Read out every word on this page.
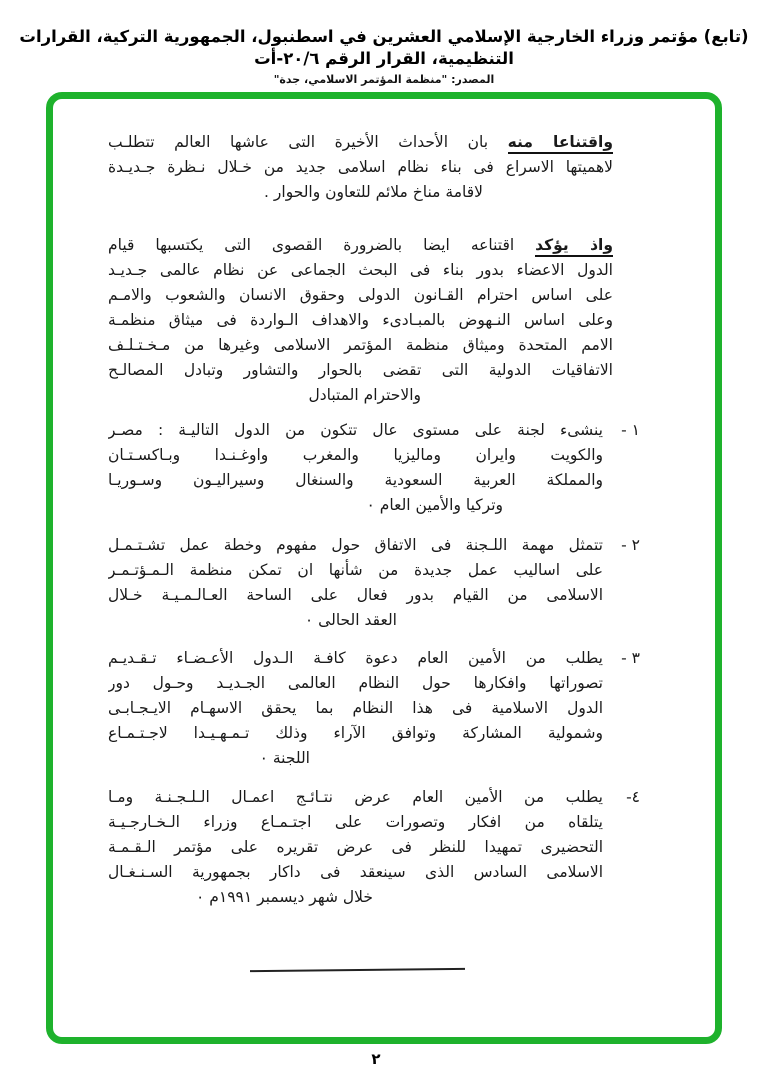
(تابع) مؤتمر وزراء الخارجية الإسلامي العشرين في اسطنبول، الجمهورية التركية، القرارات التنظيمية، القرار الرقم ٢٠/٦-أت
المصدر: "منظمة المؤتمر الاسلامي، جدة"
واقتناعا منه بان الأحداث الأخيرة التى عاشها العالم تتطلـب
لاهميتها الاسراع فى بناء نظام اسلامى جديد من خـلال نـظرة جـديـدة
لاقامة مناخ ملائم للتعاون والحوار .
واذ يؤكد اقتناعه ايضا بالضرورة القصوى التى يكتسبها قيام
الدول الاعضاء بدور بناء فى البحث الجماعى عن نظام عالمى جـديـد
على اساس احترام القـانون الدولى وحقوق الانسان والشعوب والامـم
وعلى اساس النـهوض بالمبـادىء والاهداف الـواردة فى ميثاق منظمـة
الامم المتحدة وميثاق منظمة المؤتمر الاسلامى وغيرها من مـخـتـلـف
الاتفاقيات الدولية التى تقضى بالحوار والتشاور وتبادل المصالـح
والاحترام المتبادل
١ -
ينشىء لجنة على مستوى عال تتكون من الدول التاليـة : مصـر
والكويت وايران وماليزيا والمغرب واوغـنـدا وبـاكسـتـان
والمملكة العربية السعودية والسنغال وسيراليـون وسـوريـا
وتركيا والأمين العام ٠
٢ -
تتمثل مهمة اللـجنة فى الاتفاق حول مفهوم وخطة عمل تشـتـمـل
على اساليب عمل جديدة من شأنها ان تمكن منظمة الـمـؤتـمـر
الاسلامى من القيام بدور فعال على الساحة العـالـمـيـة خـلال
العقد الحالى ٠
٣ -
يطلب من الأمين العام دعوة كافـة الـدول الأعـضـاء تـقـديـم
تصوراتها وافكارها حول النظام العالمى الجـديـد وحـول دور
الدول الاسلامية فى هذا النظام بما يحقق الاسهـام الايـجـابـى
وشمولية المشاركة وتوافق الآراء وذلك تـمـهـيـدا لاجـتـمـاع
اللجنة ٠
٤-
يطلب من الأمين العام عرض نتـائـج اعمـال الـلـجـنـة ومـا
يتلقاه من افكار وتصورات على اجتـمـاع وزراء الـخـارجـيـة
التحضيرى تمهيدا للنظر فى عرض تقريره على مؤتمر الـقـمـة
الاسلامى السادس الذى سينعقد فى داكار بجمهورية السـنـغـال
خلال شهر ديسمبر ١٩٩١م ٠
٢
